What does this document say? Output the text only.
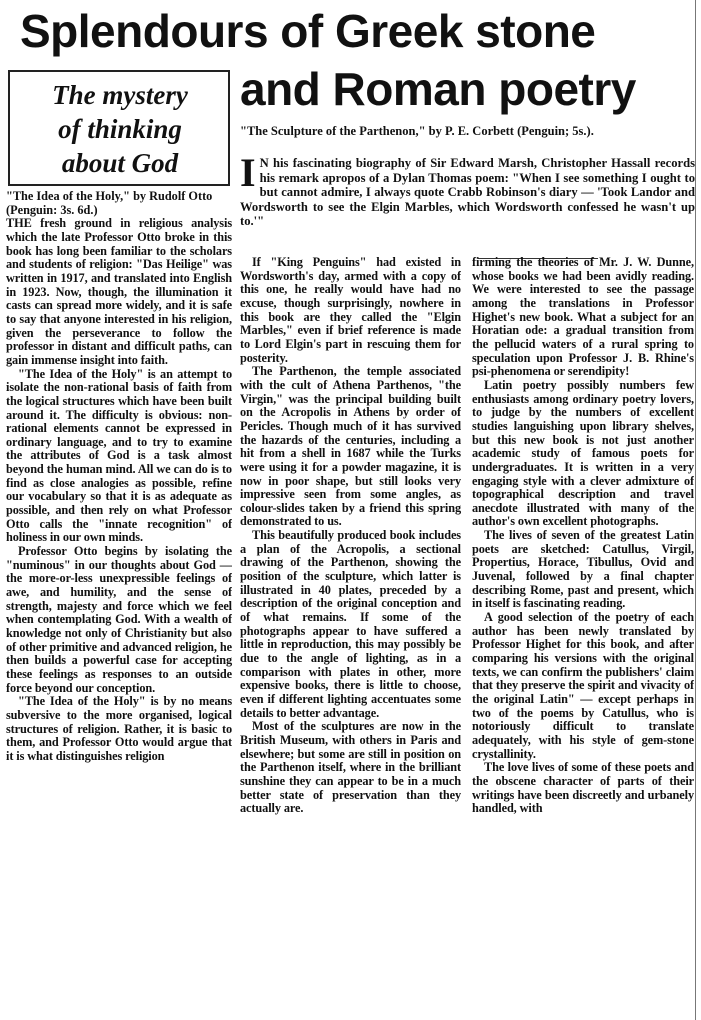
Splendours of Greek stone
and Roman poetry
The mystery
of thinking
about God

"The Idea of the Holy," by Rudolf Otto (Penguin: 3s. 6d.)

THE fresh ground in religious analysis which the late Professor Otto broke in this book has long been familiar to the scholars and students of religion: "Das Heilige" was written in 1917, and translated into English in 1923. Now, though, the illumination it casts can spread more widely, and it is safe to say that anyone interested in his religion, given the perseverance to follow the professor in distant and difficult paths, can gain immense insight into faith.

"The Idea of the Holy" is an attempt to isolate the non-rational basis of faith from the logical structures which have been built around it. The difficulty is obvious: non-rational elements cannot be expressed in ordinary language, and to try to examine the attributes of God is a task almost beyond the human mind. All we can do is to find as close analogies as possible, refine our vocabulary so that it is as adequate as possible, and then rely on what Professor Otto calls the "innate recognition" of holiness in our own minds.

Professor Otto begins by isolating the "numinous" in our thoughts about God — the more-or-less unexpressible feelings of awe, and humility, and the sense of strength, majesty and force which we feel when contemplating God. With a wealth of knowledge not only of Christianity but also of other primitive and advanced religion, he then builds a powerful case for accepting these feelings as responses to an outside force beyond our conception.

"The Idea of the Holy" is by no means subversive to the more organised, logical structures of religion. Rather, it is basic to them, and Professor Otto would argue that it is what distinguishes religion

"The Sculpture of the Parthenon," by P. E. Corbett (Penguin; 5s.).
I N his fascinating biography of Sir Edward Marsh, Christopher Hassall records his remark apropos of a Dylan Thomas poem: "When I see something I ought to but cannot admire, I always quote Crabb Robinson's diary — 'Took Landor and Wordsworth to see the Elgin Marbles, which Wordsworth confessed he wasn't up to.'"

If "King Penguins" had existed in Wordsworth's day, armed with a copy of this one, he really would have had no excuse, though surprisingly, nowhere in this book are they called the "Elgin Marbles," even if brief reference is made to Lord Elgin's part in rescuing them for posterity.

The Parthenon, the temple associated with the cult of Athena Parthenos, "the Virgin," was the principal building built on the Acropolis in Athens by order of Pericles. Though much of it has survived the hazards of the centuries, including a hit from a shell in 1687 while the Turks were using it for a powder magazine, it is now in poor shape, but still looks very impressive seen from some angles, as colour-slides taken by a friend this spring demonstrated to us.

This beautifully produced book includes a plan of the Acropolis, a sectional drawing of the Parthenon, showing the position of the sculpture, which latter is illustrated in 40 plates, preceded by a description of the original conception and of what remains. If some of the photographs appear to have suffered a little in reproduction, this may possibly be due to the angle of lighting, as in a comparison with plates in other, more expensive books, there is little to choose, even if different lighting accentuates some details to better advantage.

Most of the sculptures are now in the British Museum, with others in Paris and elsewhere; but some are still in position on the Parthenon itself, where in the brilliant sunshine they can appear to be in a much better state of preservation than they actually are.

firming the theories of Mr. J. W. Dunne, whose books we had been avidly reading. We were interested to see the passage among the translations in Professor Highet's new book. What a subject for an Horatian ode: a gradual transition from the pellucid waters of a rural spring to speculation upon Professor J. B. Rhine's psi-phenomena or serendipity!

Latin poetry possibly numbers few enthusiasts among ordinary poetry lovers, to judge by the numbers of excellent studies languishing upon library shelves, but this new book is not just another academic study of famous poets for undergraduates. It is written in a very engaging style with a clever admixture of topographical description and travel anecdote illustrated with many of the author's own excellent photographs.

The lives of seven of the greatest Latin poets are sketched: Catullus, Virgil, Propertius, Horace, Tibullus, Ovid and Juvenal, followed by a final chapter describing Rome, past and present, which in itself is fascinating reading.

A good selection of the poetry of each author has been newly translated by Professor Highet for this book, and after comparing his versions with the original texts, we can confirm the publishers' claim that they preserve the spirit and vivacity of the original Latin" — except perhaps in two of the poems by Catullus, who is notoriously difficult to translate adequately, with his style of gem-stone crystallinity.

The love lives of some of these poets and the obscene character of parts of their writings have been discreetly and urbanely handled, with
